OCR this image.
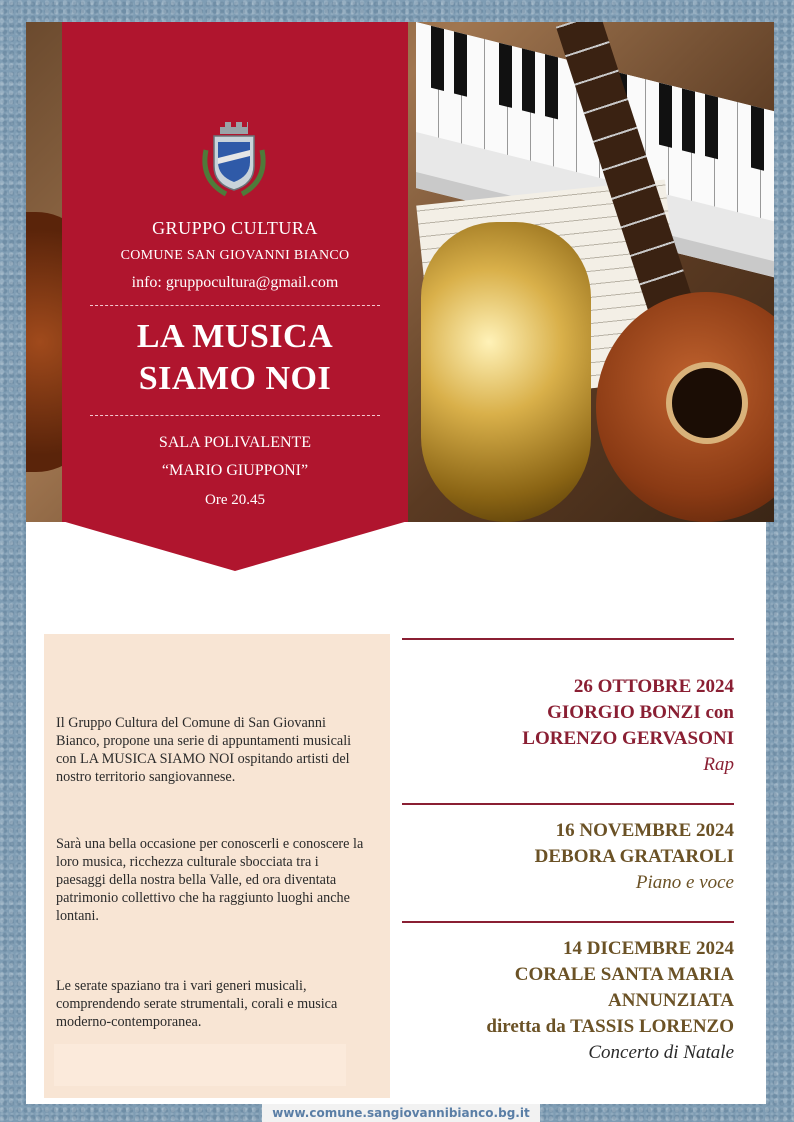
GRUPPO CULTURA
COMUNE SAN GIOVANNI BIANCO
info: gruppocultura@gmail.com
LA MUSICA
SIAMO NOI
SALA POLIVALENTE
“MARIO GIUPPONI”
Ore 20.45
Il Gruppo Cultura del Comune di San Giovanni Bianco, propone una serie di appuntamenti musicali con LA MUSICA SIAMO NOI ospitando artisti del nostro territorio sangiovannese.
Sarà una bella occasione per conoscerli e conoscere la loro musica, ricchezza culturale sbocciata tra i paesaggi della nostra bella Valle, ed ora diventata patrimonio collettivo che ha raggiunto luoghi anche lontani.
Le serate spaziano tra i vari generi musicali, comprendendo serate strumentali, corali e musica moderno-contemporanea.
26 OTTOBRE 2024
GIORGIO BONZI con
LORENZO GERVASONI
Rap
16 NOVEMBRE 2024
DEBORA GRATAROLI
Piano e voce
14 DICEMBRE 2024
CORALE SANTA MARIA
ANNUNZIATA
diretta da TASSIS LORENZO
Concerto di Natale
www.comune.sangiovannibianco.bg.it
